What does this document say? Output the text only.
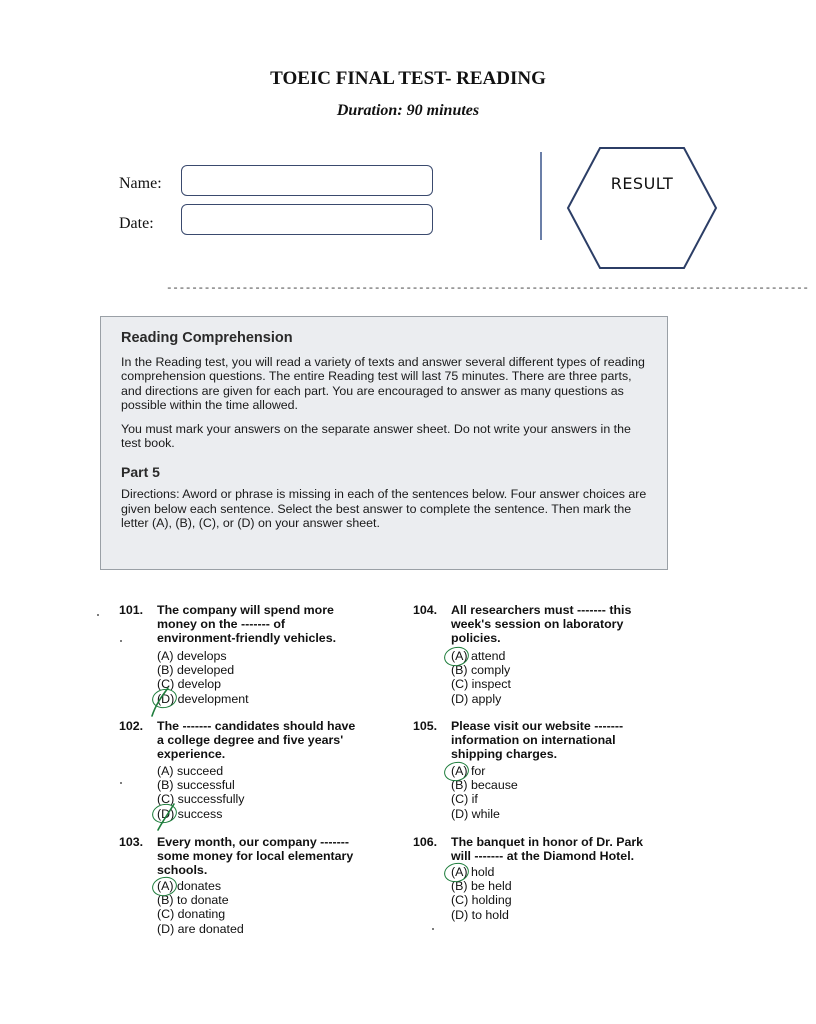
TOEIC FINAL TEST- READING
Duration: 90 minutes
Name:
Date:
RESULT
------------------------------------------------------------------------------------------------------
Reading Comprehension

In the Reading test, you will read a variety of texts and answer several different types of reading comprehension questions. The entire Reading test will last 75 minutes. There are three parts, and directions are given for each part. You are encouraged to answer as many questions as possible within the time allowed.

You must mark your answers on the separate answer sheet. Do not write your answers in the test book.

Part 5

Directions: Aword or phrase is missing in each of the sentences below. Four answer choices are given below each sentence. Select the best answer to complete the sentence. Then mark the letter (A), (B), (C), or (D) on your answer sheet.

101. The company will spend more
money on the ------- of
environment-friendly vehicles.
(A) develops
(B) developed
(C) develop
(D) development
102. The ------- candidates should have
a college degree and five years'
experience.
(A) succeed
(B) successful
(C) successfully
(D) success
103. Every month, our company -------
some money for local elementary
schools.
(A) donates
(B) to donate
(C) donating
(D) are donated
104. All researchers must ------- this
week's session on laboratory
policies.
(A) attend
(B) comply
(C) inspect
(D) apply
105. Please visit our website -------
information on international
shipping charges.
(A) for
(B) because
(C) if
(D) while
106. The banquet in honor of Dr. Park
will ------- at the Diamond Hotel.
(A) hold
(B) be held
(C) holding
(D) to hold
